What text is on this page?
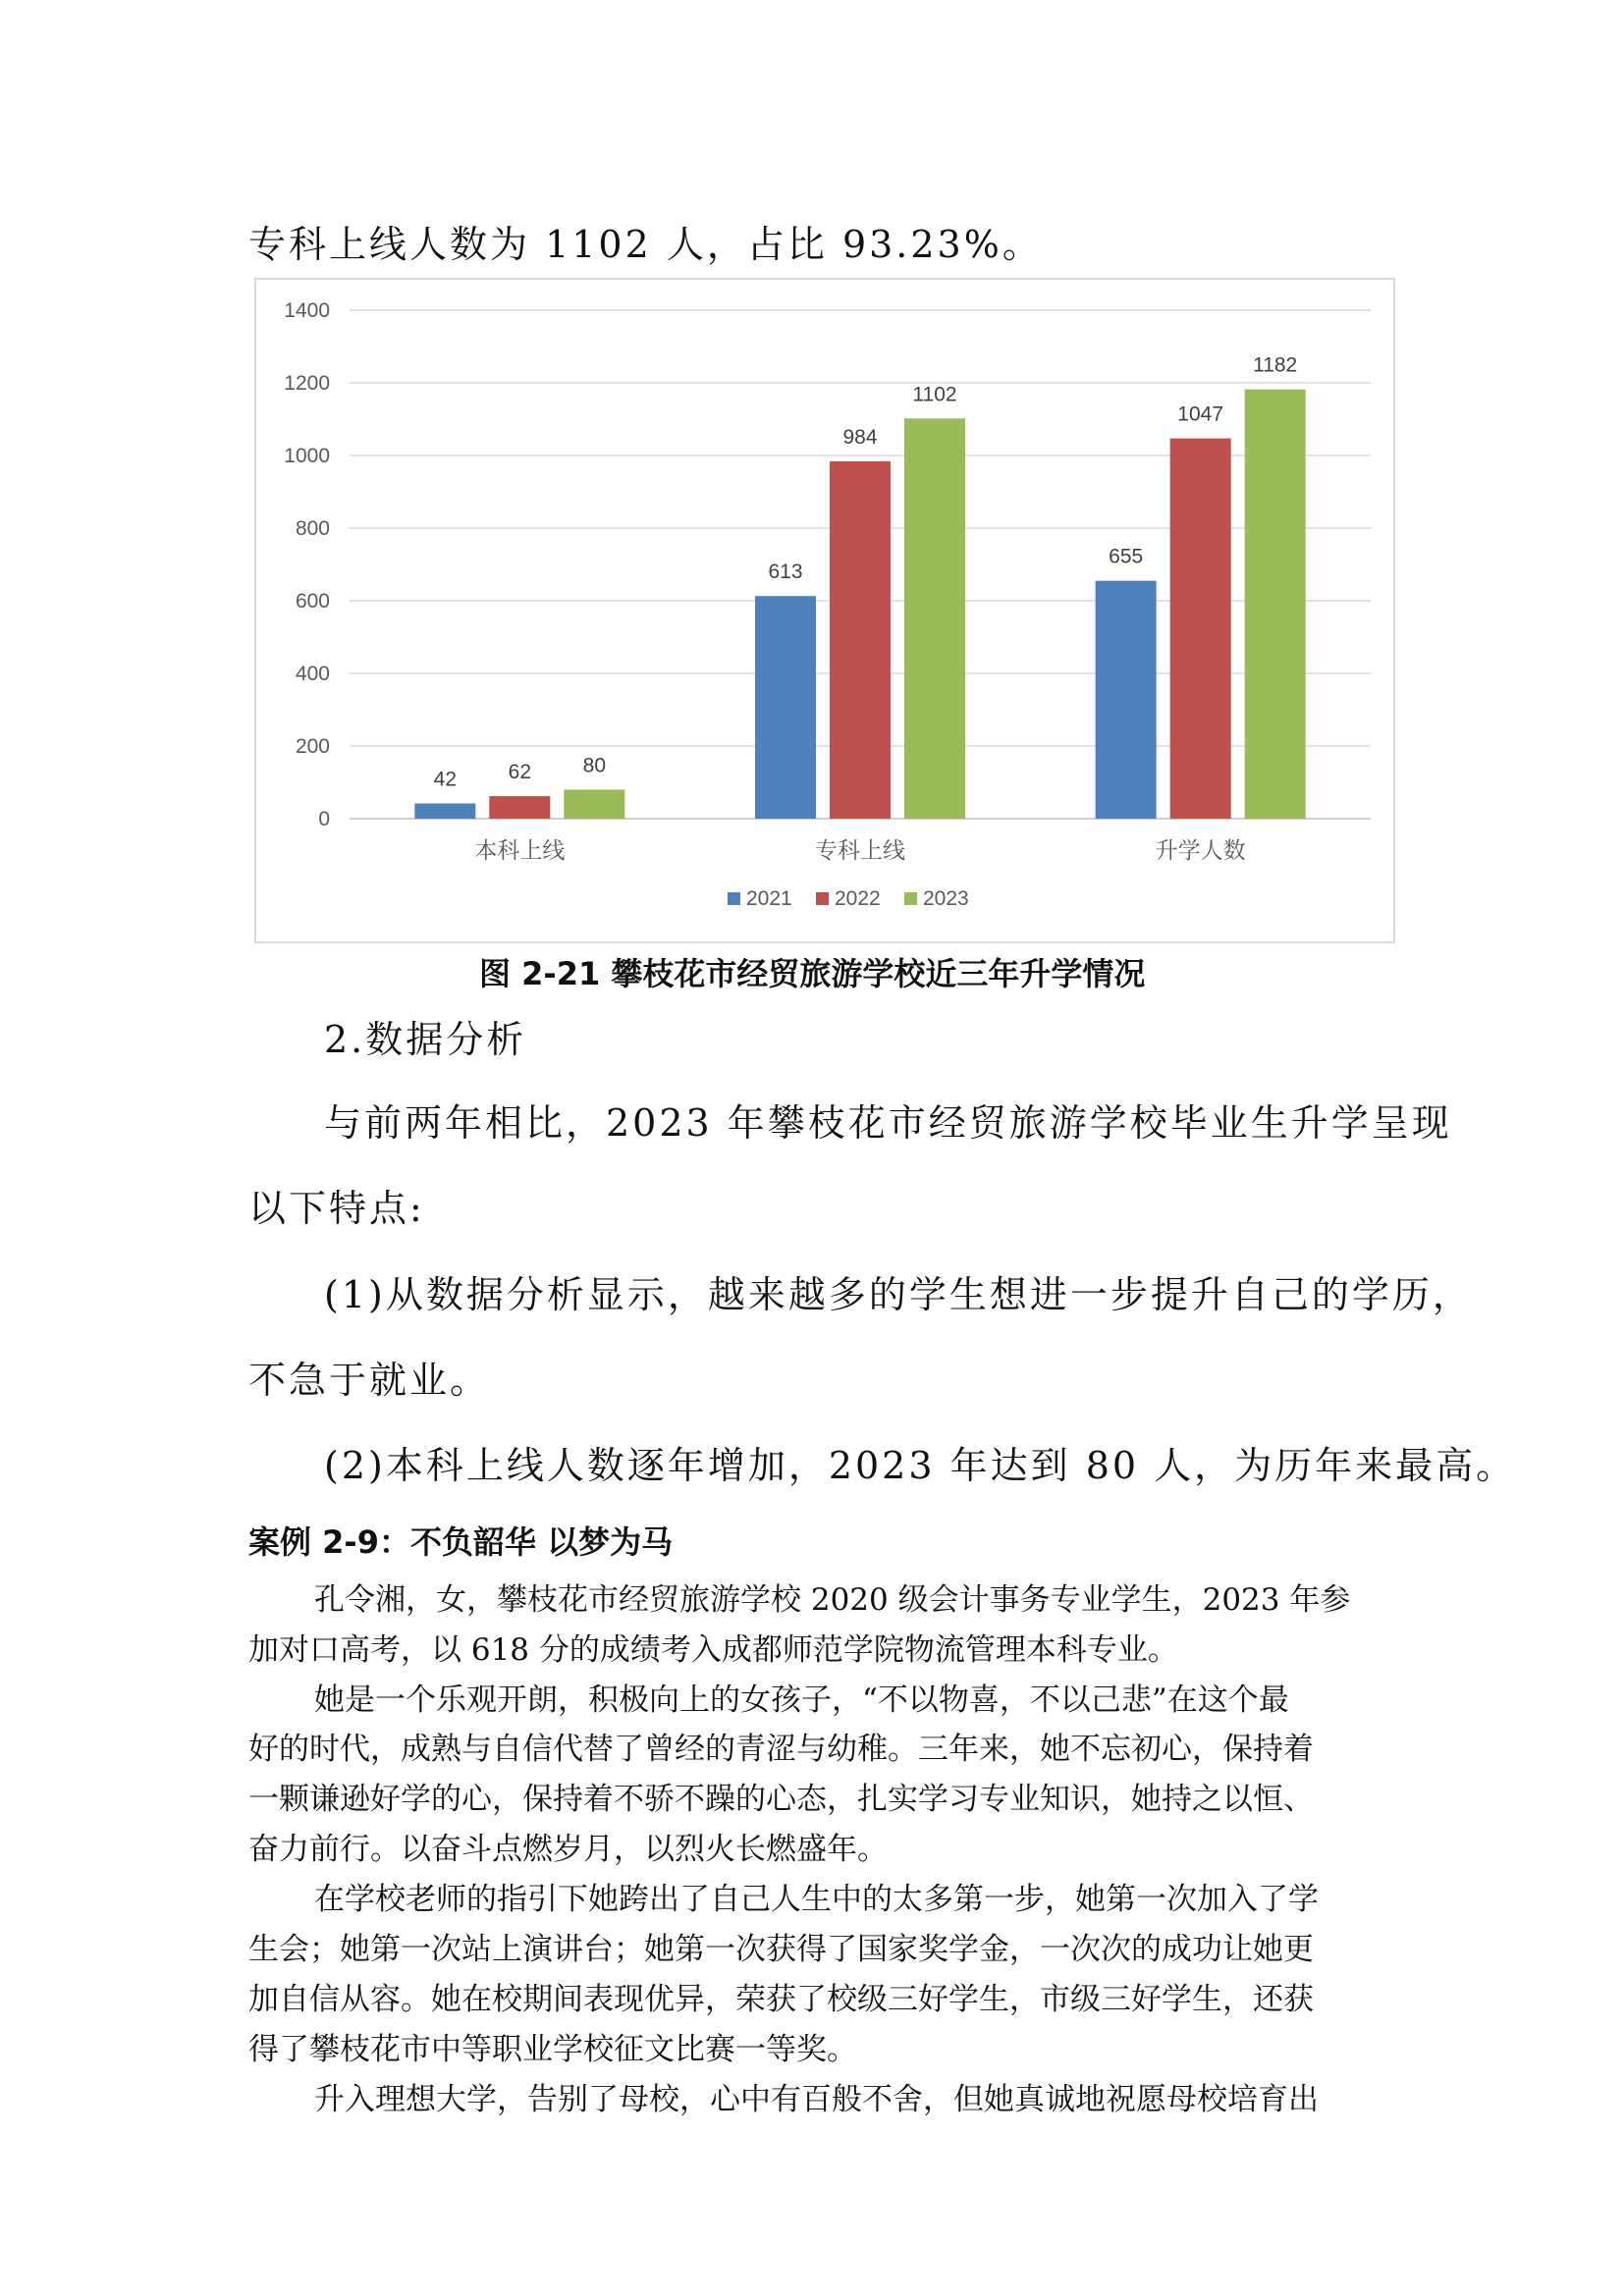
专科上线人数为 1102 人，占比 93.23%。
0
200
400
600
800
1000
1200
1400
42	62	80
本科上线
613
984
1102
专科上线
655
1047
1182
升学人数
2021 2022 2023
图 2-21 攀枝花市经贸旅游学校近三年升学情况
2.数据分析
与前两年相比，2023 年攀枝花市经贸旅游学校毕业生升学呈现
以下特点:
(1)从数据分析显示，越来越多的学生想进一步提升自己的学历，
不急于就业。
(2)本科上线人数逐年增加，2023 年达到 80 人，为历年来最高。
案例 2-9：不负韶华 以梦为马
孔令湘，女，攀枝花市经贸旅游学校 2020 级会计事务专业学生，2023 年参
加对口高考，以 618 分的成绩考入成都师范学院物流管理本科专业。
她是一个乐观开朗，积极向上的女孩子，“不以物喜，不以己悲”在这个最
好的时代，成熟与自信代替了曾经的青涩与幼稚。三年来，她不忘初心，保持着
一颗谦逊好学的心，保持着不骄不躁的心态，扎实学习专业知识，她持之以恒、
奋力前行。以奋斗点燃岁月，以烈火长燃盛年。
在学校老师的指引下她跨出了自己人生中的太多第一步，她第一次加入了学
生会；她第一次站上演讲台；她第一次获得了国家奖学金，一次次的成功让她更
加自信从容。她在校期间表现优异，荣获了校级三好学生，市级三好学生，还获
得了攀枝花市中等职业学校征文比赛一等奖。
升入理想大学，告别了母校，心中有百般不舍，但她真诚地祝愿母校培育出
